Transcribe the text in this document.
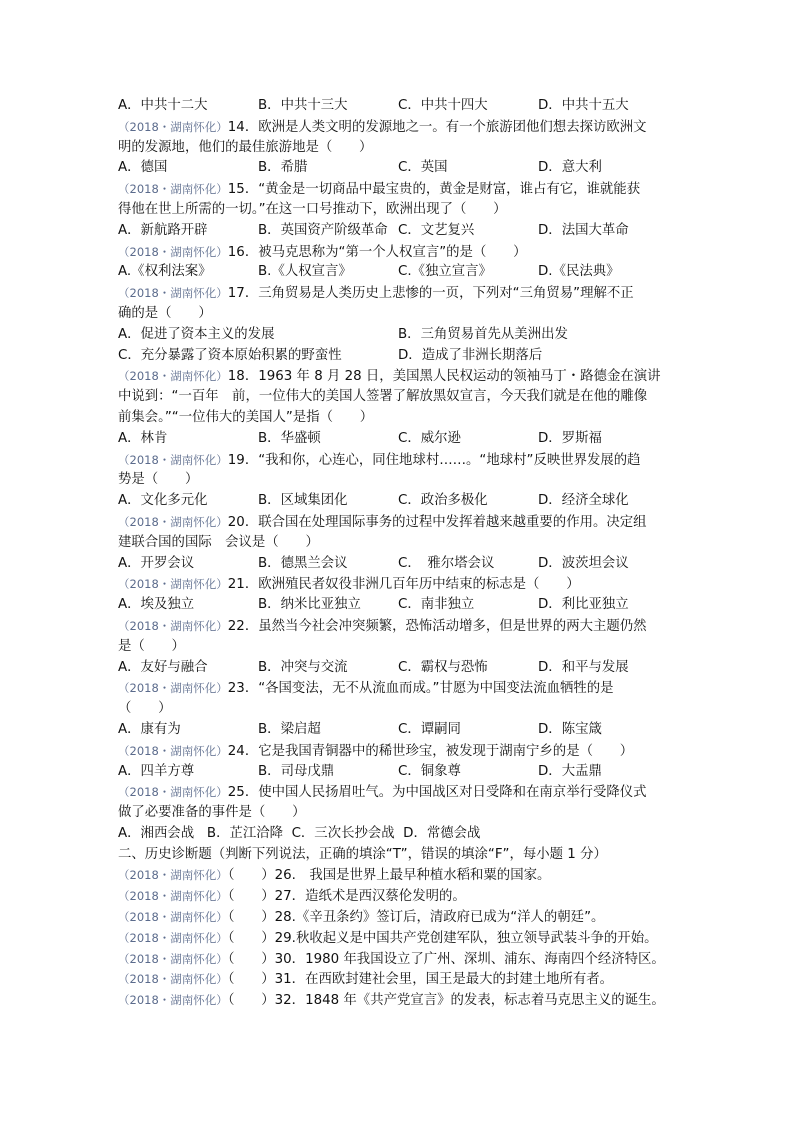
A．中共十二大	B．中共十三大	C．中共十四大	D．中共十五大
（2018・湖南怀化）14．欧洲是人类文明的发源地之一。有一个旅游团他们想去探访欧洲文
明的发源地，他们的最佳旅游地是（　　）
A．德国	B．希腊	C．英国	D．意大利
（2018・湖南怀化）15．“黄金是一切商品中最宝贵的，黄金是财富，谁占有它，谁就能获
得他在世上所需的一切。”在这一口号推动下，欧洲出现了（　　）
A．新航路开辟	B．英国资产阶级革命 C．文艺复兴	D．法国大革命
（2018・湖南怀化）16．被马克思称为“第一个人权宣言”的是（　　）
A.《权利法案》	B.《人权宣言》	C.《独立宣言》	D.《民法典》
（2018・湖南怀化）17．三角贸易是人类历史上悲惨的一页，下列对“三角贸易”理解不正
确的是（　　）
A．促进了资本主义的发展	B．三角贸易首先从美洲出发
C．充分暴露了资本原始积累的野蛮性	D．造成了非洲长期落后
（2018・湖南怀化）18．1963 年 8 月 28 日，美国黑人民权运动的领袖马丁・路德金在演讲
中说到：“一百年　前，一位伟大的美国人签署了解放黑奴宣言，今天我们就是在他的雕像
前集会。”“一位伟大的美国人”是指（　　）
A．林肯	B．华盛顿	C．威尔逊	D．罗斯福
（2018・湖南怀化）19．“我和你，心连心，同住地球村……。“地球村”反映世界发展的趋
势是（　　）
A．文化多元化	B．区域集团化	C．政治多极化	D．经济全球化
（2018・湖南怀化）20．联合国在处理国际事务的过程中发挥着越来越重要的作用。决定组
建联合国的国际　会议是（　　）
A．开罗会议	B．德黑兰会议	C．　雅尔塔会议	D．波茨坦会议
（2018・湖南怀化）21．欧洲殖民者奴役非洲几百年历中结束的标志是（　　）
A．埃及独立	B．纳米比亚独立	C．南非独立	D．利比亚独立
（2018・湖南怀化）22．虽然当今社会冲突频繁，恐怖活动增多，但是世界的两大主题仍然
是（　　）
A．友好与融合	B．冲突与交流	C．霸权与恐怖	D．和平与发展
（2018・湖南怀化）23．“各国变法，无不从流血而成。”甘愿为中国变法流血牺牲的是
（　　）
A．康有为	B．梁启超	C．谭嗣同	D．陈宝箴
（2018・湖南怀化）24．它是我国青铜器中的稀世珍宝，被发现于湖南宁乡的是（　　）
A．四羊方尊	B．司母戊鼎	C．铜象尊	D．大盂鼎
（2018・湖南怀化）25．使中国人民扬眉吐气。为中国战区对日受降和在南京举行受降仪式
做了必要准备的事件是（　　）
A．湘西会战 B．芷江洽降 C．三次长抄会战 D．常德会战
二、历史诊断题（判断下列说法，正确的填涂“T”，错误的填涂“F”，每小题 1 分）
（2018・湖南怀化）（　　）26.　我国是世界上最早种植水稻和粟的国家。
（2018・湖南怀化）（　　）27．造纸术是西汉蔡伦发明的。
（2018・湖南怀化）（　　）28.《辛丑条约》签订后，清政府已成为“洋人的朝廷”。
（2018・湖南怀化）（　　）29.秋收起义是中国共产党创建军队，独立领导武装斗争的开始。
（2018・湖南怀化）（　　）30．1980 年我国设立了广州、深圳、浦东、海南四个经济特区。
（2018・湖南怀化）（　　）31．在西欧封建社会里，国王是最大的封建土地所有者。
（2018・湖南怀化）（　　）32．1848 年《共产党宣言》的发表，标志着马克思主义的诞生。
